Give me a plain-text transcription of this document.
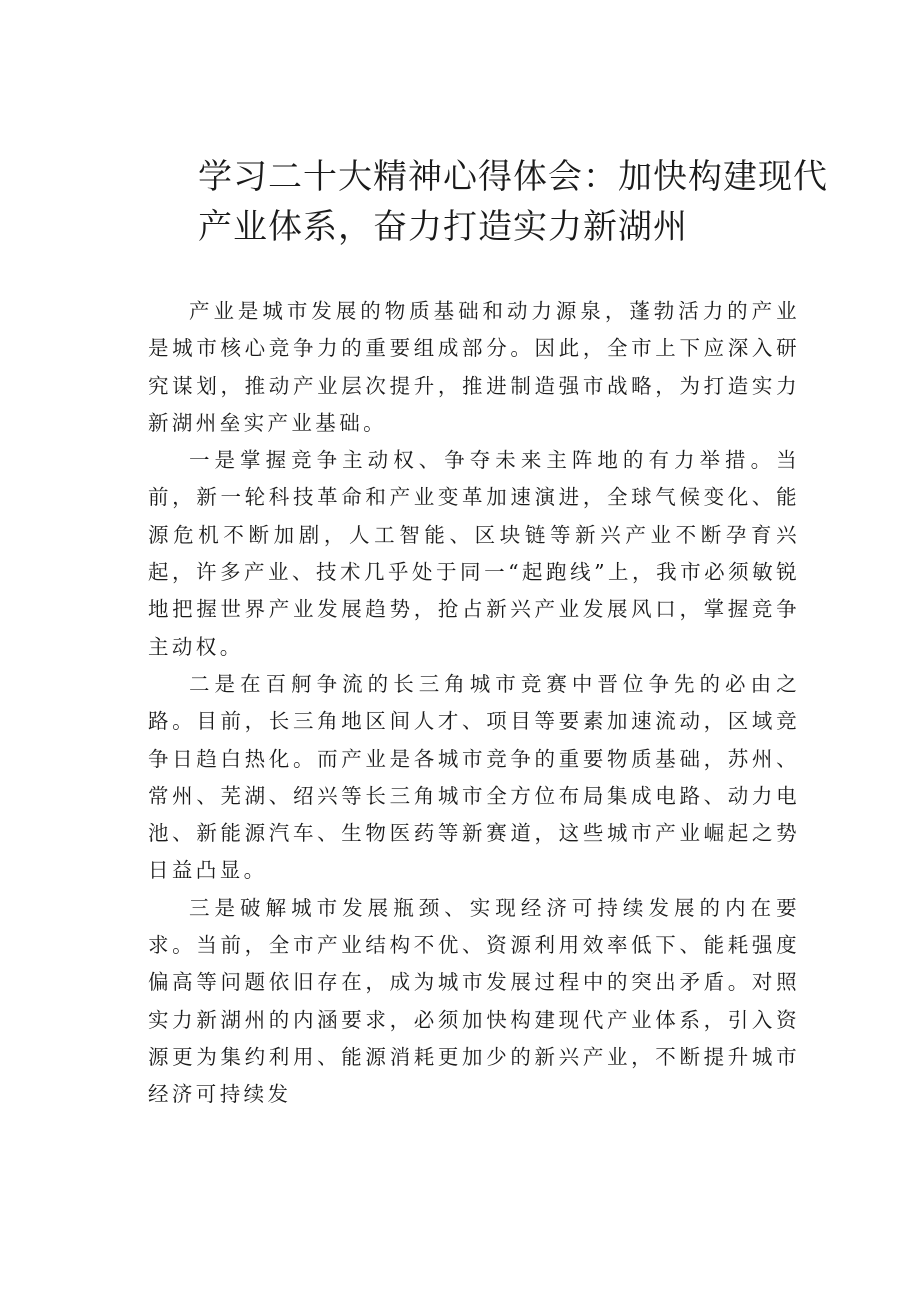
学习二十大精神心得体会：加快构建现代
产业体系，奋力打造实力新湖州

产业是城市发展的物质基础和动力源泉，蓬勃活力的产业是城市核心竞争力的重要组成部分。因此，全市上下应深入研究谋划，推动产业层次提升，推进制造强市战略，为打造实力新湖州垒实产业基础。

一是掌握竞争主动权、争夺未来主阵地的有力举措。当前，新一轮科技革命和产业变革加速演进，全球气候变化、能源危机不断加剧，人工智能、区块链等新兴产业不断孕育兴起，许多产业、技术几乎处于同一“起跑线”上，我市必须敏锐地把握世界产业发展趋势，抢占新兴产业发展风口，掌握竞争主动权。

二是在百舸争流的长三角城市竞赛中晋位争先的必由之路。目前，长三角地区间人才、项目等要素加速流动，区域竞争日趋白热化。而产业是各城市竞争的重要物质基础，苏州、常州、芜湖、绍兴等长三角城市全方位布局集成电路、动力电池、新能源汽车、生物医药等新赛道，这些城市产业崛起之势日益凸显。

三是破解城市发展瓶颈、实现经济可持续发展的内在要求。当前，全市产业结构不优、资源利用效率低下、能耗强度偏高等问题依旧存在，成为城市发展过程中的突出矛盾。对照实力新湖州的内涵要求，必须加快构建现代产业体系，引入资源更为集约利用、能源消耗更加少的新兴产业，不断提升城市经济可持续发
